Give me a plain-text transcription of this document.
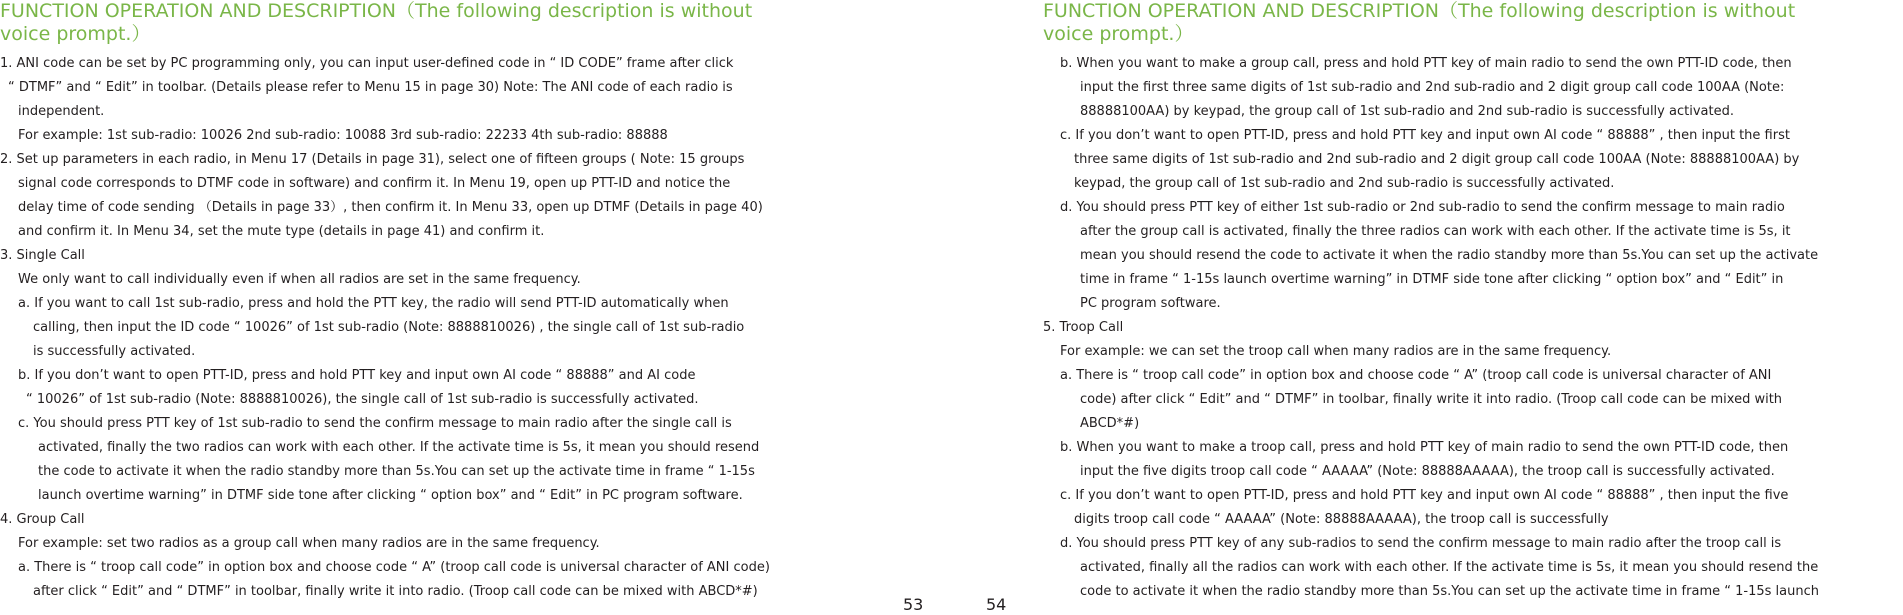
FUNCTION OPERATION AND DESCRIPTION（The following description is without
voice prompt.）
1. ANI code can be set by PC programming only, you can input user-defined code in “ ID CODE” frame after click
“ DTMF” and “ Edit” in toolbar. (Details please refer to Menu 15 in page 30) Note: The ANI code of each radio is
independent.
For example: 1st sub-radio: 10026 2nd sub-radio: 10088 3rd sub-radio: 22233 4th sub-radio: 88888
2. Set up parameters in each radio, in Menu 17 (Details in page 31), select one of fifteen groups ( Note: 15 groups
signal code corresponds to DTMF code in software) and confirm it. In Menu 19, open up PTT-ID and notice the
delay time of code sending （Details in page 33）, then confirm it. In Menu 33, open up DTMF (Details in page 40)
and confirm it. In Menu 34, set the mute type (details in page 41) and confirm it.
3. Single Call
We only want to call individually even if when all radios are set in the same frequency.
a. If you want to call 1st sub-radio, press and hold the PTT key, the radio will send PTT-ID automatically when
calling, then input the ID code “ 10026” of 1st sub-radio (Note: 8888810026) , the single call of 1st sub-radio
is successfully activated.
b. If you don’t want to open PTT-ID, press and hold PTT key and input own AI code “ 88888” and AI code
“ 10026” of 1st sub-radio (Note: 8888810026), the single call of 1st sub-radio is successfully activated.
c. You should press PTT key of 1st sub-radio to send the confirm message to main radio after the single call is
activated, finally the two radios can work with each other. If the activate time is 5s, it mean you should resend
the code to activate it when the radio standby more than 5s.You can set up the activate time in frame “ 1-15s
launch overtime warning” in DTMF side tone after clicking “ option box” and “ Edit” in PC program software.
4. Group Call
For example: set two radios as a group call when many radios are in the same frequency.
a. There is “ troop call code” in option box and choose code “ A” (troop call code is universal character of ANI code)
after click “ Edit” and “ DTMF” in toolbar, finally write it into radio. (Troop call code can be mixed with ABCD*#)
53	54
FUNCTION OPERATION AND DESCRIPTION（The following description is without
voice prompt.）
b. When you want to make a group call, press and hold PTT key of main radio to send the own PTT-ID code, then
input the first three same digits of 1st sub-radio and 2nd sub-radio and 2 digit group call code 100AA (Note:
88888100AA) by keypad, the group call of 1st sub-radio and 2nd sub-radio is successfully activated.
c. If you don’t want to open PTT-ID, press and hold PTT key and input own AI code “ 88888” , then input the first
three same digits of 1st sub-radio and 2nd sub-radio and 2 digit group call code 100AA (Note: 88888100AA) by
keypad, the group call of 1st sub-radio and 2nd sub-radio is successfully activated.
d. You should press PTT key of either 1st sub-radio or 2nd sub-radio to send the confirm message to main radio
after the group call is activated, finally the three radios can work with each other. If the activate time is 5s, it
mean you should resend the code to activate it when the radio standby more than 5s.You can set up the activate
time in frame “ 1-15s launch overtime warning” in DTMF side tone after clicking “ option box” and “ Edit” in
PC program software.
5. Troop Call
For example: we can set the troop call when many radios are in the same frequency.
a. There is “ troop call code” in option box and choose code “ A” (troop call code is universal character of ANI
code) after click “ Edit” and “ DTMF” in toolbar, finally write it into radio. (Troop call code can be mixed with
ABCD*#)
b. When you want to make a troop call, press and hold PTT key of main radio to send the own PTT-ID code, then
input the five digits troop call code “ AAAAA” (Note: 88888AAAAA), the troop call is successfully activated.
c. If you don’t want to open PTT-ID, press and hold PTT key and input own AI code “ 88888” , then input the five
digits troop call code “ AAAAA” (Note: 88888AAAAA), the troop call is successfully
d. You should press PTT key of any sub-radios to send the confirm message to main radio after the troop call is
activated, finally all the radios can work with each other. If the activate time is 5s, it mean you should resend the
code to activate it when the radio standby more than 5s.You can set up the activate time in frame “ 1-15s launch
